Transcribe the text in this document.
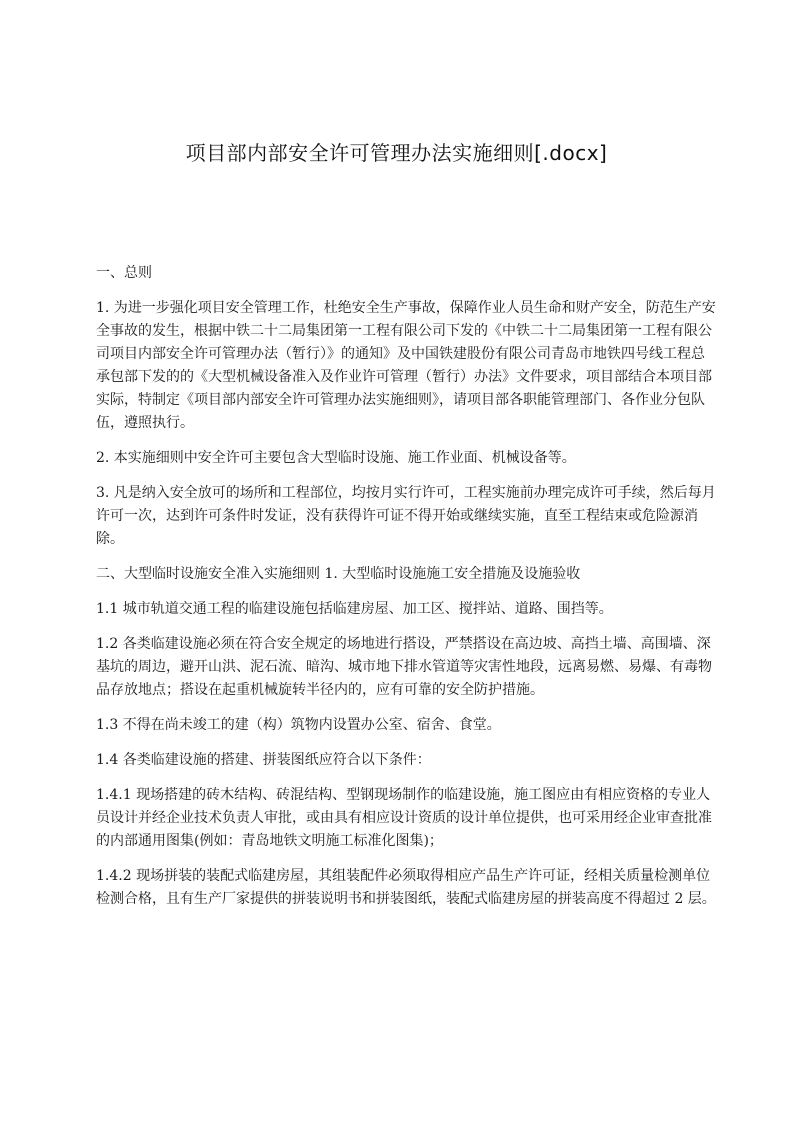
项目部内部安全许可管理办法实施细则[.docx]

一、总则

1. 为进一步强化项目安全管理工作，杜绝安全生产事故，保障作业人员生命和财产安全，防范生产安全事故的发生，根据中铁二十二局集团第一工程有限公司下发的《中铁二十二局集团第一工程有限公司项目内部安全许可管理办法（暂行）》的通知》及中国铁建股份有限公司青岛市地铁四号线工程总承包部下发的的《大型机械设备准入及作业许可管理（暂行）办法》文件要求，项目部结合本项目部实际，特制定《项目部内部安全许可管理办法实施细则》，请项目部各职能管理部门、各作业分包队伍，遵照执行。

2. 本实施细则中安全许可主要包含大型临时设施、施工作业面、机械设备等。

3. 凡是纳入安全放可的场所和工程部位，均按月实行许可，工程实施前办理完成许可手续，然后每月许可一次，达到许可条件时发证，没有获得许可证不得开始或继续实施，直至工程结束或危险源消除。

二、大型临时设施安全准入实施细则 1. 大型临时设施施工安全措施及设施验收

1.1 城市轨道交通工程的临建设施包括临建房屋、加工区、搅拌站、道路、围挡等。

1.2 各类临建设施必须在符合安全规定的场地进行搭设，严禁搭设在高边坡、高挡土墙、高围墙、深基坑的周边，避开山洪、泥石流、暗沟、城市地下排水管道等灾害性地段，远离易燃、易爆、有毒物品存放地点；搭设在起重机械旋转半径内的，应有可靠的安全防护措施。

1.3 不得在尚未竣工的建（构）筑物内设置办公室、宿舍、食堂。

1.4 各类临建设施的搭建、拼装图纸应符合以下条件：

1.4.1 现场搭建的砖木结构、砖混结构、型钢现场制作的临建设施，施工图应由有相应资格的专业人员设计并经企业技术负责人审批，或由具有相应设计资质的设计单位提供，也可采用经企业审查批准的内部通用图集(例如：青岛地铁文明施工标准化图集)；

1.4.2 现场拼装的装配式临建房屋，其组装配件必须取得相应产品生产许可证，经相关质量检测单位检测合格，且有生产厂家提供的拼装说明书和拼装图纸，装配式临建房屋的拼装高度不得超过 2 层。
